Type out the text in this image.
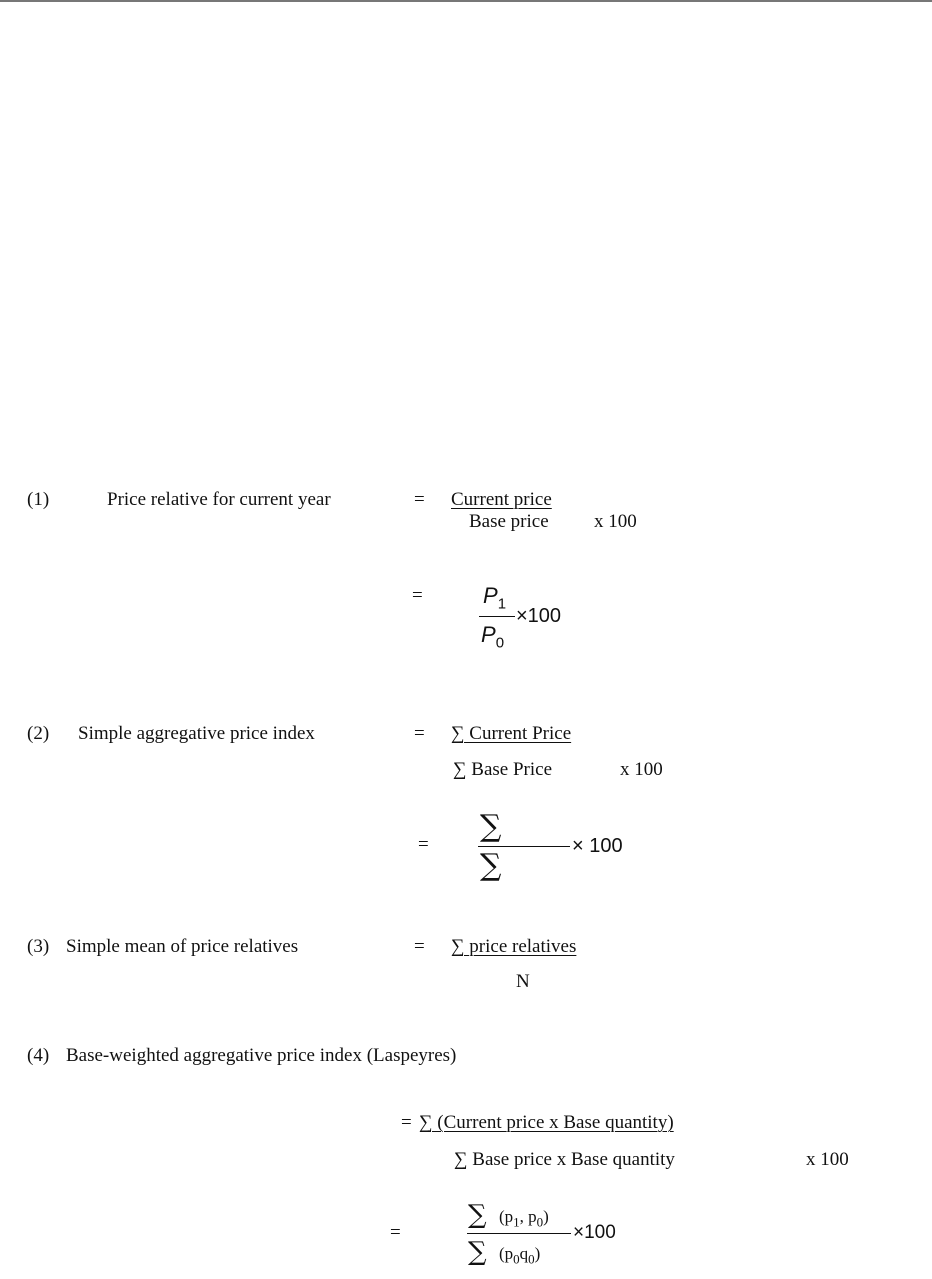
(1)	Price relative for current year	= Current price
Base price x 100
=	$P_1$
$P_0$
×100
(2) Simple aggregative price index	= ∑ Current Price
∑ Base Price	x 100
=
∑
∑
× 100
(3) Simple mean of price relatives	= ∑ price relatives
N
(4) Base-weighted aggregative price index (Laspeyres)
= ∑ (Current price x Base quantity)
∑ Base price x Base quantity	x 100
=
∑ ($p_1$, $p_0$)
∑ $(p_0q_0)$
×100
